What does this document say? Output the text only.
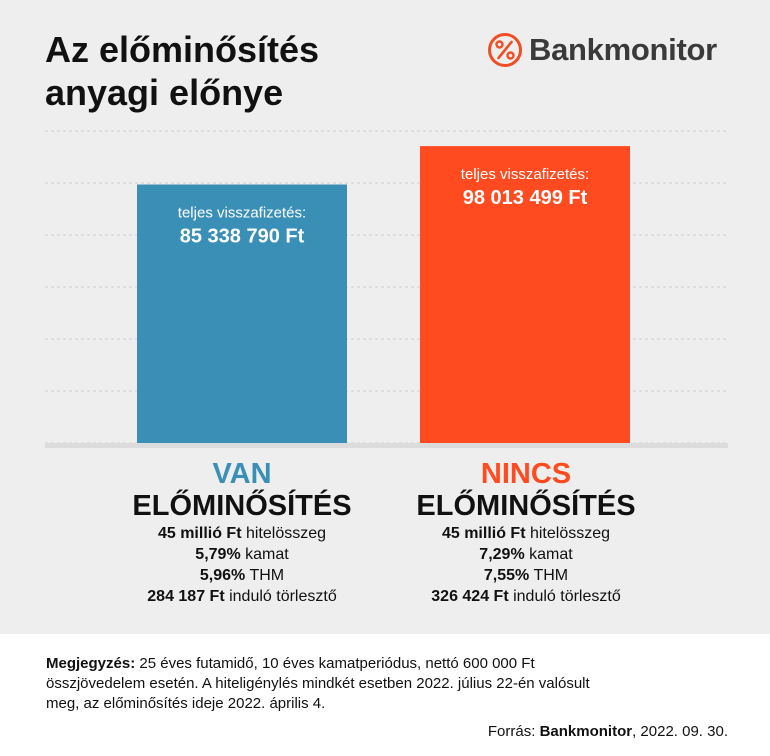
Az előminősítés
anyagi előnye
Bankmonitor
teljes visszafizetés:
85 338 790 Ft
teljes visszafizetés:
98 013 499 Ft
VAN
ELŐMINŐSÍTÉS
45 millió Ft hitelösszeg
5,79% kamat
5,96% THM
284 187 Ft induló törlesztő
NINCS
ELŐMINŐSÍTÉS
45 millió Ft hitelösszeg
7,29% kamat
7,55% THM
326 424 Ft induló törlesztő
Megjegyzés: 25 éves futamidő, 10 éves kamatperiódus, nettó 600 000 Ft összjövedelem esetén. A hiteligénylés mindkét esetben 2022. július 22-én valósult meg, az előminősítés ideje 2022. április 4.
Forrás: Bankmonitor, 2022. 09. 30.
